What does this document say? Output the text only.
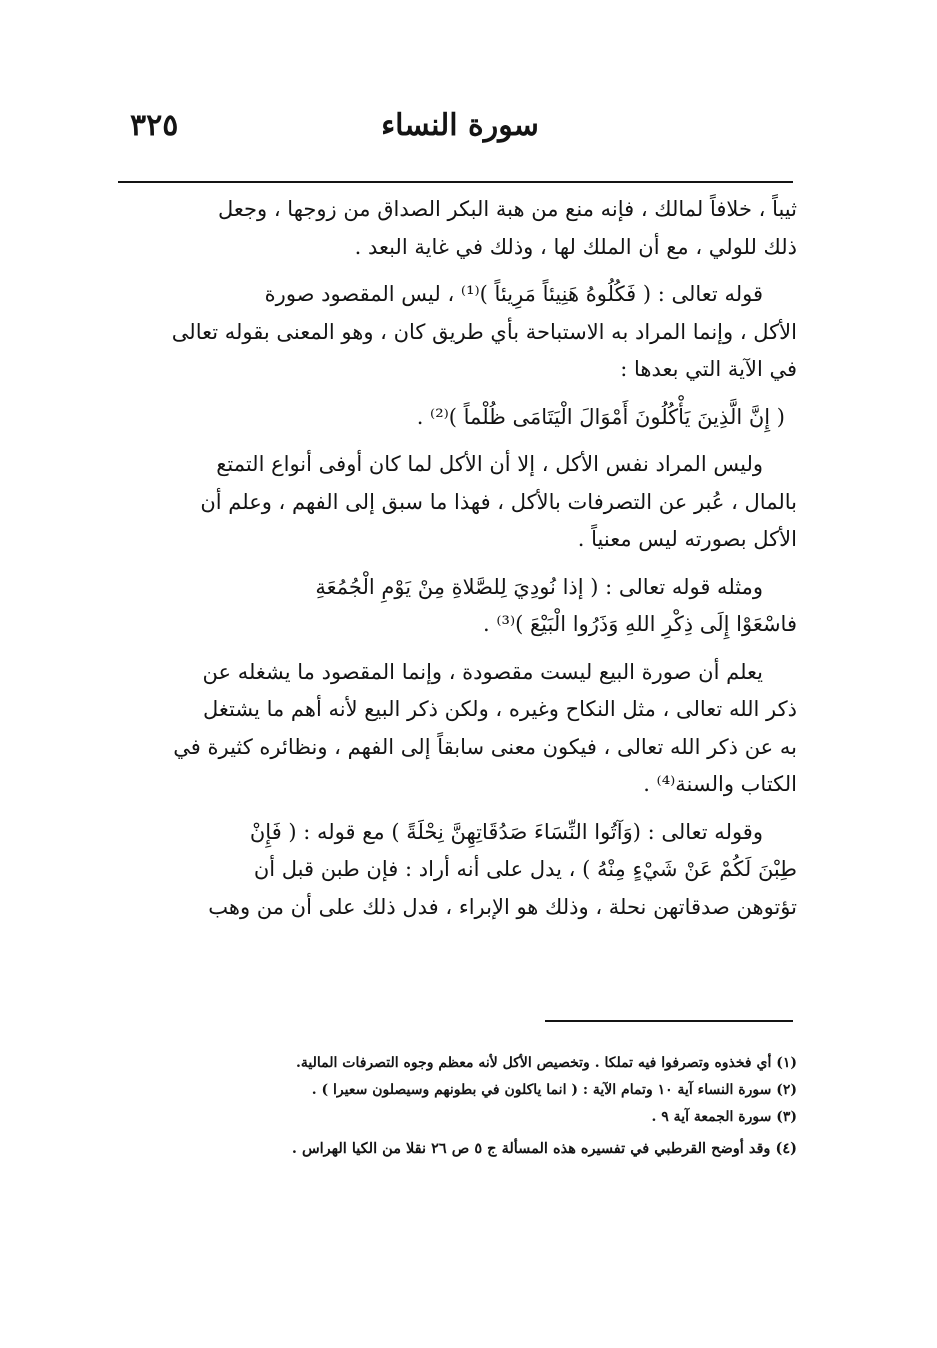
سورة النساء
٣٢٥
ثيباً ، خلافاً لمالك ، فإنه منع من هبة البكر الصداق من زوجها ، وجعل
ذلك للولي ، مع أن الملك لها ، وذلك في غاية البعد .
قوله تعالى : ( فَكُلُوهُ هَنِيئاً مَرِيئاً )⁽¹⁾ ، ليس المقصود صورة
الأكل ، وإنما المراد به الاستباحة بأي طريق كان ، وهو المعنى بقوله تعالى
في الآية التي بعدها :
( إِنَّ الَّذِينَ يَأْكُلُونَ أَمْوَالَ الْيَتَامَى ظُلْماً )⁽²⁾ .
وليس المراد نفس الأكل ، إلا أن الأكل لما كان أوفى أنواع التمتع
بالمال ، عُبر عن التصرفات بالأكل ، فهذا ما سبق إلى الفهم ، وعلم أن
الأكل بصورته ليس معنياً .
ومثله قوله تعالى : ( إذا نُودِيَ لِلصَّلاةِ مِنْ يَوْمِ الْجُمُعَةِ
فاسْعَوْا إِلَى ذِكْرِ اللهِ وَذَرُوا الْبَيْعَ )⁽³⁾ .
يعلم أن صورة البيع ليست مقصودة ، وإنما المقصود ما يشغله عن
ذكر الله تعالى ، مثل النكاح وغيره ، ولكن ذكر البيع لأنه أهم ما يشتغل
به عن ذكر الله تعالى ، فيكون معنى سابقاً إلى الفهم ، ونظائره كثيرة في
الكتاب والسنة⁽⁴⁾ .
وقوله تعالى : (وَآتُوا النِّسَاءَ صَدُقَاتِهِنَّ نِحْلَةً ) مع قوله : ( فَإِنْ
طِبْنَ لَكُمْ عَنْ شَيْءٍ مِنْهُ ) ، يدل على أنه أراد : فإن طبن قبل أن
تؤتوهن صدقاتهن نحلة ، وذلك هو الإبراء ، فدل ذلك على أن من وهب
(١) أي فخذوه وتصرفوا فيه تملكا . وتخصيص الأكل لأنه معظم وجوه التصرفات المالية.
(٢) سورة النساء آية ١٠ وتمام الآية : ( انما ياكلون في بطونهم وسيصلون سعيرا ) .
(٣) سورة الجمعة آية ٩ .
(٤) وقد أوضح القرطبي في تفسيره هذه المسألة ج ٥ ص ٢٦ نقلا من الكيا الهراس .
